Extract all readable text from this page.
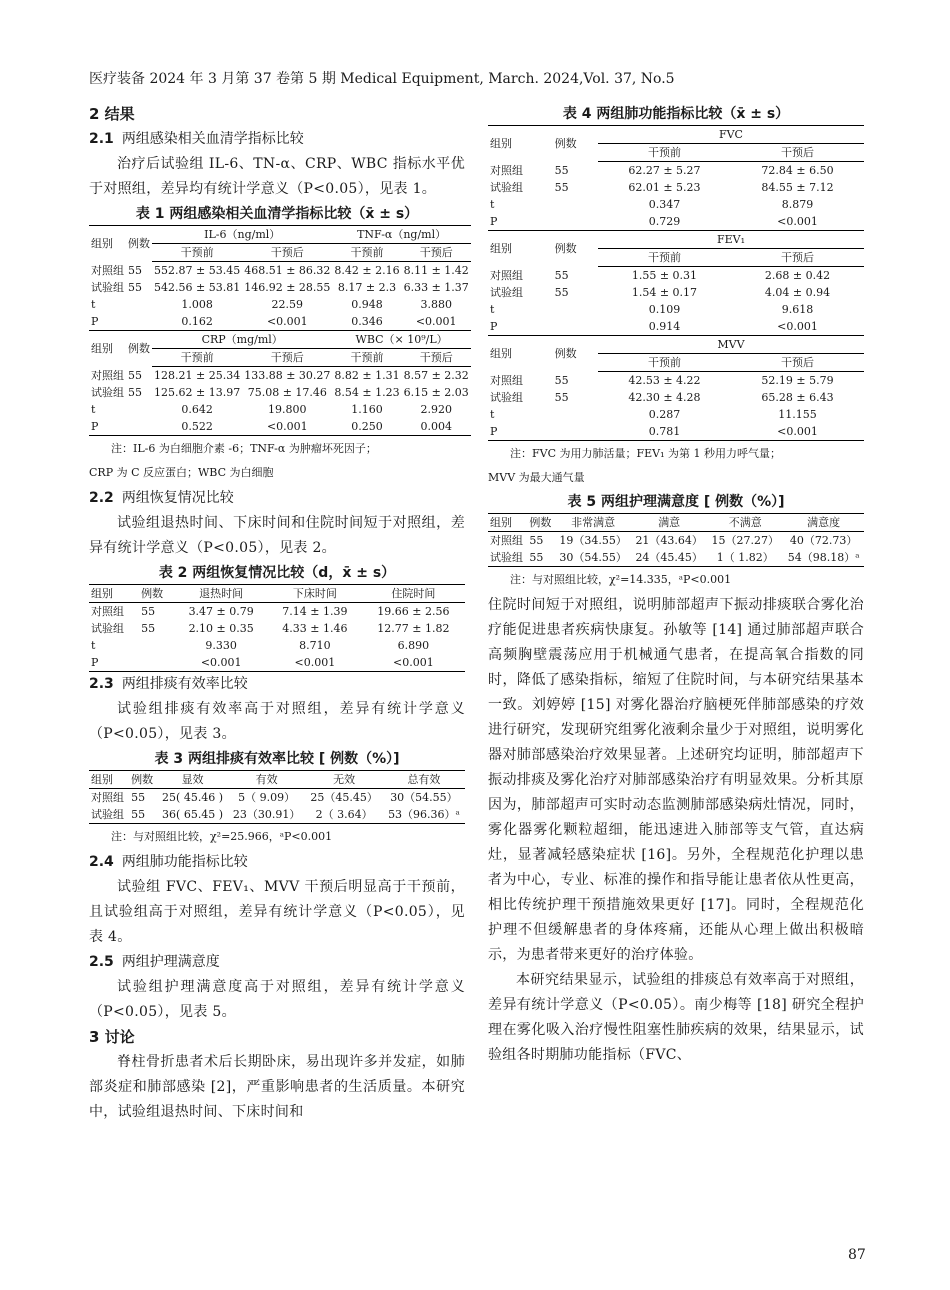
医疗装备 2024 年 3 月第 37 卷第 5 期 Medical Equipment, March. 2024,Vol. 37, No.5
2 结果
2.1 两组感染相关血清学指标比较

治疗后试验组 IL-6、TN-α、CRP、WBC 指标水平优于对照组，差异均有统计学意义（P<0.05），见表 1。

表 1 两组感染相关血清学指标比较（x̄ ± s）
组别	例数	IL-6（ng/ml）		TNF-α（ng/ml）	
		干预前	干预后	干预前	干预后
对照组	55	552.87 ± 53.45	468.51 ± 86.32	8.42 ± 2.16	8.11 ± 1.42
试验组	55	542.56 ± 53.81	146.92 ± 28.55	8.17 ± 2.3	6.33 ± 1.37
t		1.008	22.59	0.948	3.880
P		0.162	<0.001	0.346	<0.001
组别	例数	CRP（mg/ml）		WBC（× 10⁹/L）	
		干预前	干预后	干预前	干预后
对照组	55	128.21 ± 25.34	133.88 ± 30.27	8.82 ± 1.31	8.57 ± 2.32
试验组	55	125.62 ± 13.97	75.08 ± 17.46	8.54 ± 1.23	6.15 ± 2.03
t		0.642	19.800	1.160	2.920
P		0.522	<0.001	0.250	0.004
注：IL-6 为白细胞介素 -6；TNF-α 为肿瘤坏死因子；
CRP 为 C 反应蛋白；WBC 为白细胞
2.2 两组恢复情况比较

试验组退热时间、下床时间和住院时间短于对照组，差异有统计学意义（P<0.05），见表 2。

表 2 两组恢复情况比较（d，x̄ ± s）
组别	例数	退热时间	下床时间	住院时间
对照组	55	3.47 ± 0.79	7.14 ± 1.39	19.66 ± 2.56
试验组	55	2.10 ± 0.35	4.33 ± 1.46	12.77 ± 1.82
t		9.330	8.710	6.890
P		<0.001	<0.001	<0.001
2.3 两组排痰有效率比较

试验组排痰有效率高于对照组，差异有统计学意义（P<0.05），见表 3。

表 3 两组排痰有效率比较 [ 例数（%）]
组别	例数	显效	有效	无效	总有效
对照组	55	25( 45.46 )	5（ 9.09）	25（45.45）	30（54.55）
试验组	55	36( 65.45 )	23（30.91）	2（ 3.64）	53（96.36）ᵃ
注：与对照组比较，χ²=25.966，ᵃP<0.001
2.4 两组肺功能指标比较

试验组 FVC、FEV₁、MVV 干预后明显高于干预前，且试验组高于对照组，差异有统计学意义（P<0.05），见表 4。

2.5 两组护理满意度

试验组护理满意度高于对照组，差异有统计学意义（P<0.05），见表 5。

3 讨论

脊柱骨折患者术后长期卧床，易出现许多并发症，如肺部炎症和肺部感染 [2]，严重影响患者的生活质量。本研究中，试验组退热时间、下床时间和

表 4 两组肺功能指标比较（x̄ ± s）
组别	例数	FVC	
		干预前	干预后
对照组	55	62.27 ± 5.27	72.84 ± 6.50
试验组	55	62.01 ± 5.23	84.55 ± 7.12
t		0.347	8.879
P		0.729	<0.001
组别	例数	FEV₁	
		干预前	干预后
对照组	55	1.55 ± 0.31	2.68 ± 0.42
试验组	55	1.54 ± 0.17	4.04 ± 0.94
t		0.109	9.618
P		0.914	<0.001
组别	例数	MVV	
		干预前	干预后
对照组	55	42.53 ± 4.22	52.19 ± 5.79
试验组	55	42.30 ± 4.28	65.28 ± 6.43
t		0.287	11.155
P		0.781	<0.001
注：FVC 为用力肺活量；FEV₁ 为第 1 秒用力呼气量；
MVV 为最大通气量
表 5 两组护理满意度 [ 例数（%）]
组别	例数	非常满意	满意	不满意	满意度
对照组	55	19（34.55）	21（43.64）	15（27.27）	40（72.73）
试验组	55	30（54.55）	24（45.45）	1（ 1.82）	54（98.18）ᵃ
注：与对照组比较，χ²=14.335，ᵃP<0.001

住院时间短于对照组，说明肺部超声下振动排痰联合雾化治疗能促进患者疾病快康复。孙敏等 [14] 通过肺部超声联合高频胸壁震荡应用于机械通气患者，在提高氧合指数的同时，降低了感染指标，缩短了住院时间，与本研究结果基本一致。刘婷婷 [15] 对雾化器治疗脑梗死伴肺部感染的疗效进行研究，发现研究组雾化液剩余量少于对照组，说明雾化器对肺部感染治疗效果显著。上述研究均证明，肺部超声下振动排痰及雾化治疗对肺部感染治疗有明显效果。分析其原因为，肺部超声可实时动态监测肺部感染病灶情况，同时，雾化器雾化颗粒超细，能迅速进入肺部等支气管，直达病灶，显著减轻感染症状 [16]。另外，全程规范化护理以患者为中心，专业、标准的操作和指导能让患者依从性更高，相比传统护理干预措施效果更好 [17]。同时，全程规范化护理不但缓解患者的身体疼痛，还能从心理上做出积极暗示，为患者带来更好的治疗体验。

本研究结果显示，试验组的排痰总有效率高于对照组，差异有统计学意义（P<0.05）。南少梅等 [18] 研究全程护理在雾化吸入治疗慢性阻塞性肺疾病的效果，结果显示，试验组各时期肺功能指标（FVC、

87
